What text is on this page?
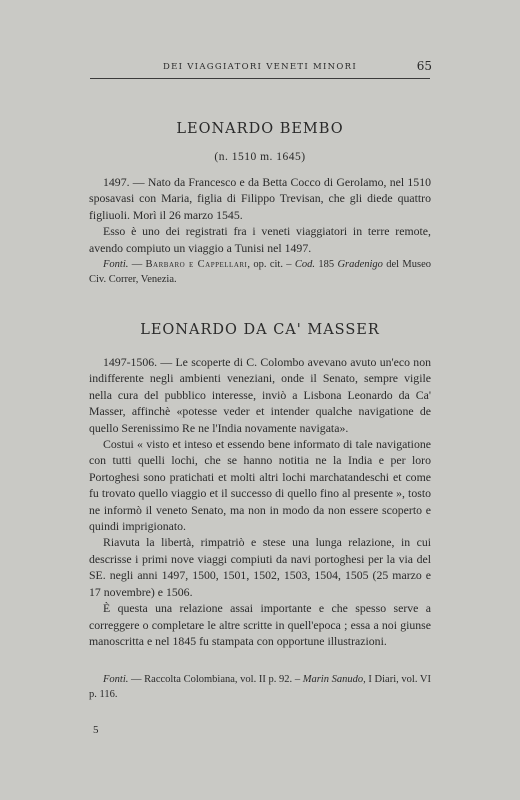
DEI VIAGGIATORI VENETI MINORI	65
LEONARDO BEMBO
(n. 1510 m. 1645)

1497. — Nato da Francesco e da Betta Cocco di Gerolamo, nel 1510 sposavasi con Maria, figlia di Filippo Trevisan, che gli diede quattro figliuoli. Morì il 26 marzo 1545.

Esso è uno dei registrati fra i veneti viaggiatori in terre remote, avendo compiuto un viaggio a Tunisi nel 1497.

Fonti. — Barbaro e Cappellari, op. cit. – Cod. 185 Gradenigo del Museo Civ. Correr, Venezia.
LEONARDO DA CA' MASSER

1497-1506. — Le scoperte di C. Colombo avevano avuto un'eco non indifferente negli ambienti veneziani, onde il Senato, sempre vigile nella cura del pubblico interesse, inviò a Lisbona Leonardo da Ca' Masser, affinchè «potesse veder et intender qualche navigatione de quello Serenissimo Re ne l'India novamente navigata».

Costui « visto et inteso et essendo bene informato di tale navigatione con tutti quelli lochi, che se hanno notitia ne la India e per loro Portoghesi sono pratichati et molti altri lochi marchatandeschi et come fu trovato quello viaggio et il successo di quello fino al presente », tosto ne informò il veneto Senato, ma non in modo da non essere scoperto e quindi imprigionato.

Riavuta la libertà, rimpatriò e stese una lunga relazione, in cui descrisse i primi nove viaggi compiuti da navi portoghesi per la via del SE. negli anni 1497, 1500, 1501, 1502, 1503, 1504, 1505 (25 marzo e 17 novembre) e 1506.

È questa una relazione assai importante e che spesso serve a correggere o completare le altre scritte in quell'epoca ; essa a noi giunse manoscritta e nel 1845 fu stampata con opportune illustrazioni.

Fonti. — Raccolta Colombiana, vol. II p. 92. – Marin Sanudo, I Diari, vol. VI p. 116.
5
